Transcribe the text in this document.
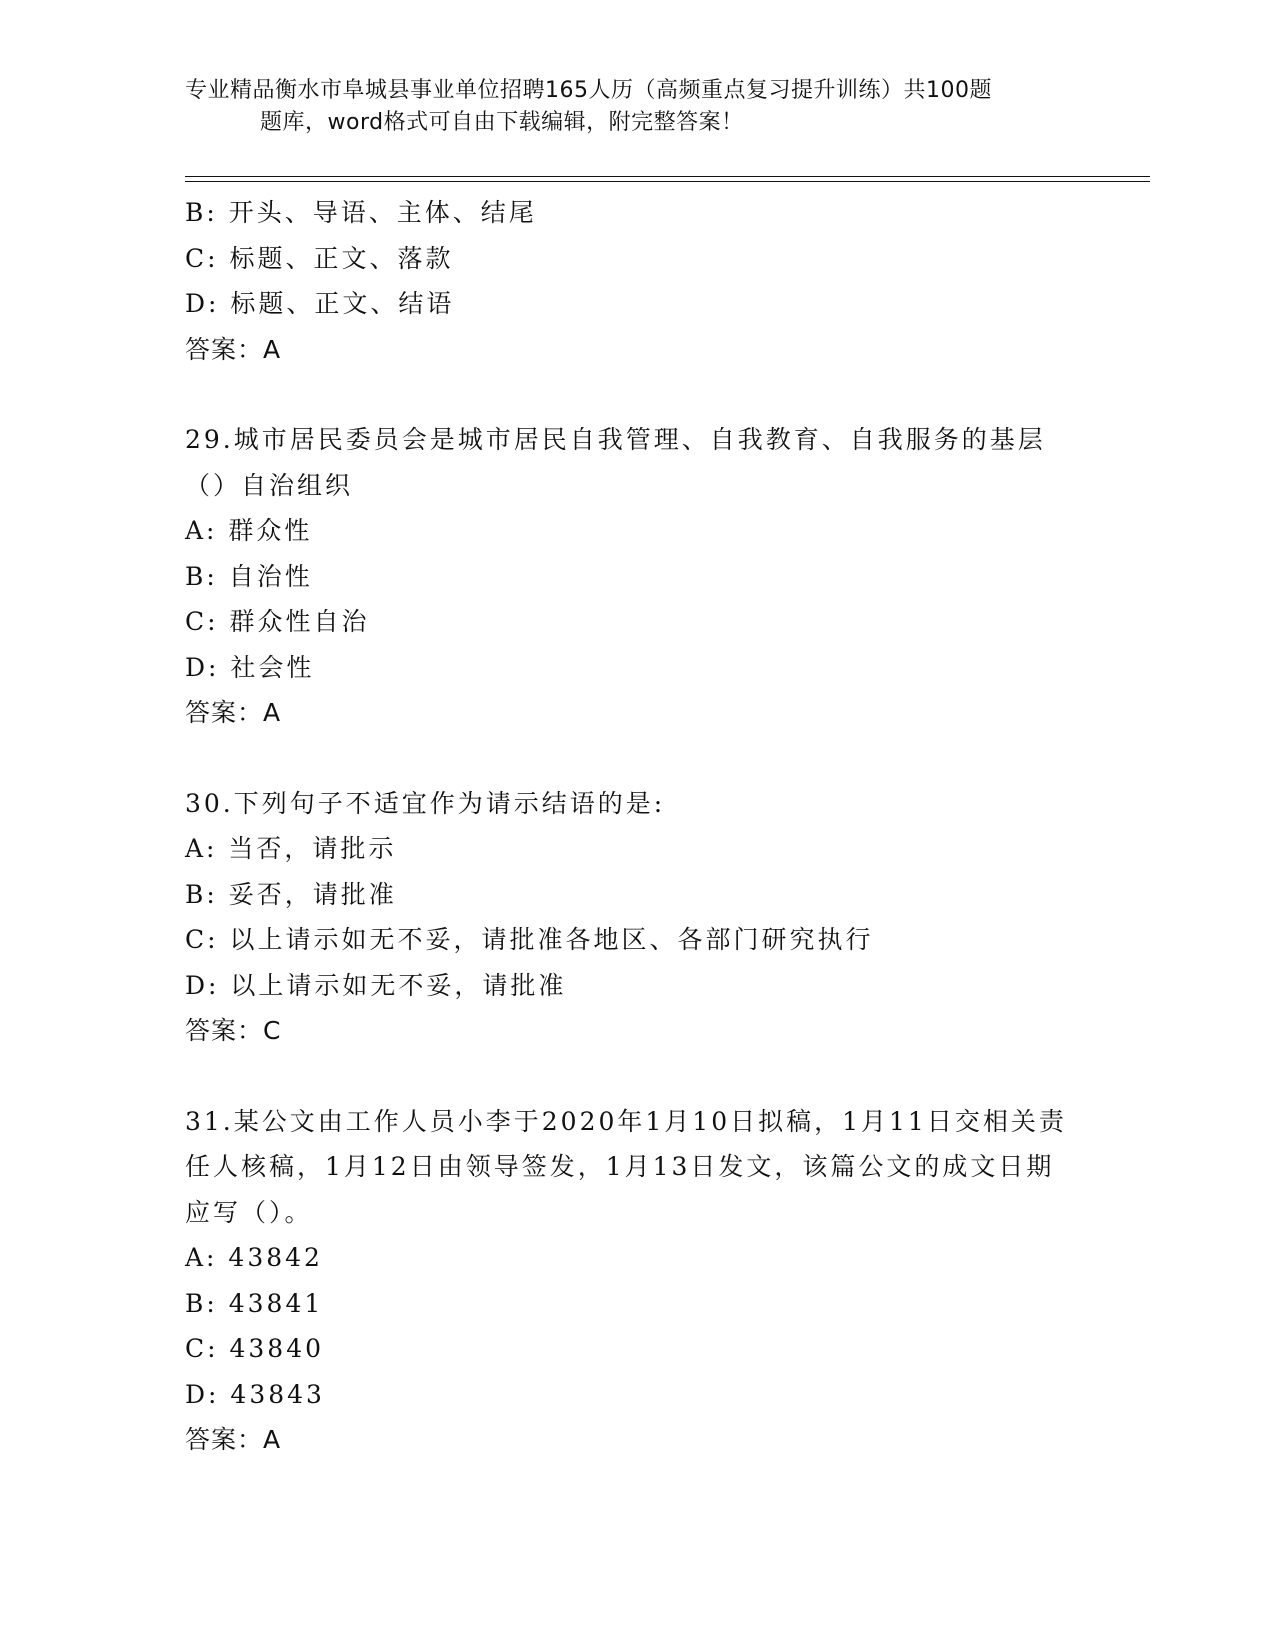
专业精品衡水市阜城县事业单位招聘165人历（高频重点复习提升训练）共100题
题库，word格式可自由下载编辑，附完整答案！
B: 开头、导语、主体、结尾
C: 标题、正文、落款
D: 标题、正文、结语
答案：A
29.城市居民委员会是城市居民自我管理、自我教育、自我服务的基层（）自治组织
A: 群众性
B: 自治性
C: 群众性自治
D: 社会性
答案：A
30.下列句子不适宜作为请示结语的是:
A: 当否，请批示
B: 妥否，请批准
C: 以上请示如无不妥，请批准各地区、各部门研究执行
D: 以上请示如无不妥，请批准
答案：C
31.某公文由工作人员小李于2020年1月10日拟稿，1月11日交相关责任人核稿，1月12日由领导签发，1月13日发文，该篇公文的成文日期应写（）。
A: 43842
B: 43841
C: 43840
D: 43843
答案：A
